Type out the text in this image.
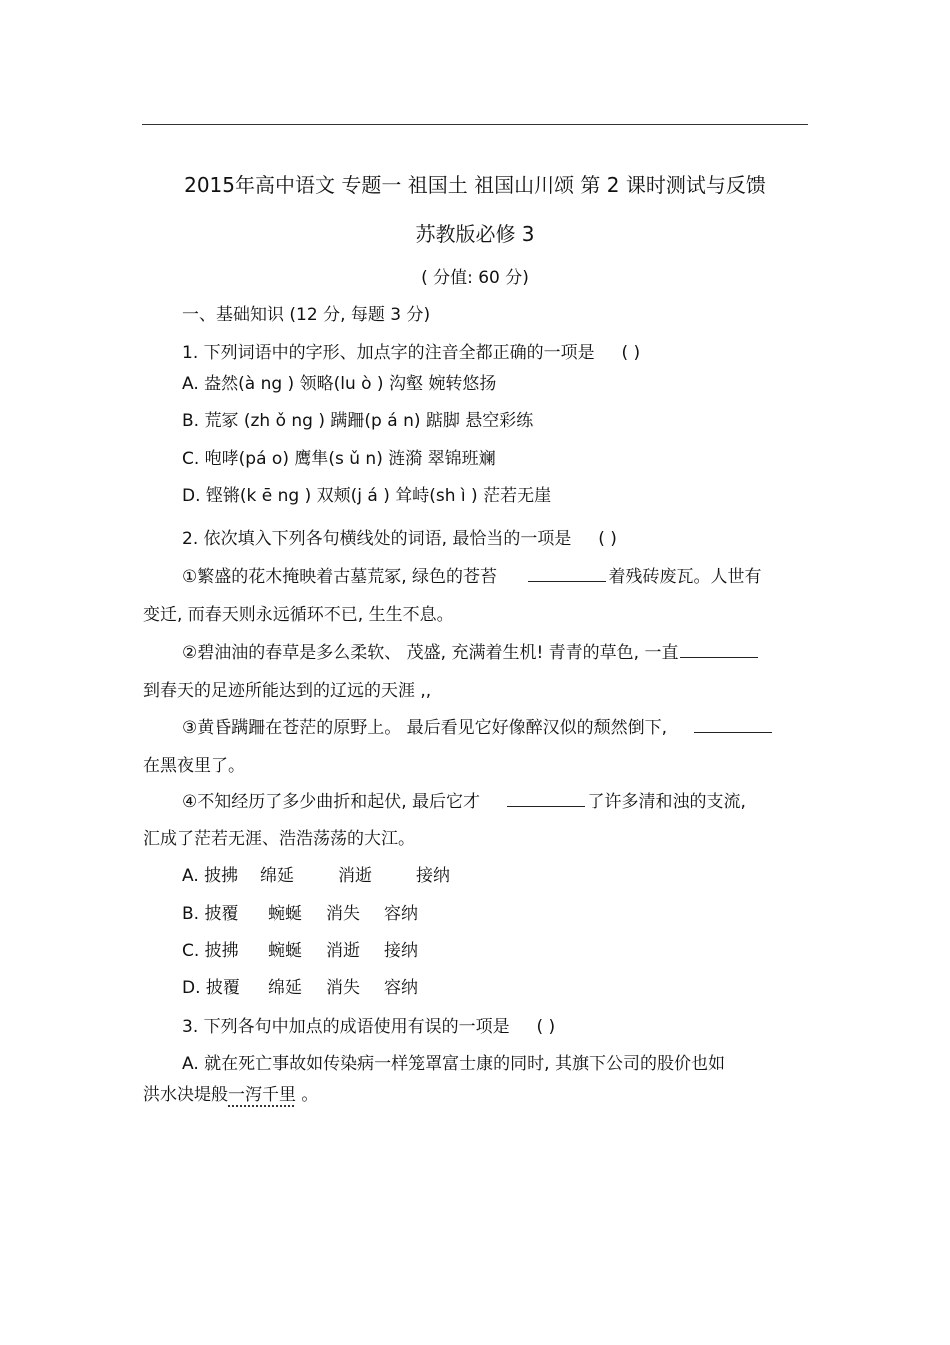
2015年高中语文 专题一 祖国土 祖国山川颂 第 2 课时测试与反馈
苏教版必修 3
( 分值: 60 分)
一、基础知识 (12 分, 每题 3 分)
1. 下列词语中的字形、加点字的注音全都正确的一项是 ( )
A. 盎然(à ng ) 领略(lu ò ) 沟壑 婉转悠扬
B. 荒冢 (zh ǒ ng ) 蹒跚(p á n) 踮脚 悬空彩练
C. 咆哮(pá o) 鹰隼(s ǔ n) 涟漪 翠锦班斓
D. 铿锵(k ē ng ) 双颊(j á ) 耸峙(sh ì ) 茫若无崖
2. 依次填入下列各句横线处的词语, 最恰当的一项是 ( )
①繁盛的花木掩映着古墓荒冢, 绿色的苍苔	着残砖废瓦。人世有
变迁, 而春天则永远循环不已, 生生不息。
②碧油油的春草是多么柔软、 茂盛, 充满着生机! 青青的草色, 一直
到春天的足迹所能达到的辽远的天涯 ,,
③黄昏蹒跚在苍茫的原野上。 最后看见它好像醉汉似的颓然倒下,
在黑夜里了。
④不知经历了多少曲折和起伏, 最后它才	了许多清和浊的支流,
汇成了茫若无涯、浩浩荡荡的大江。
A. 披拂 绵延	消逝	接纳
B. 披覆 蜿蜒 消失 容纳
C. 披拂 蜿蜒 消逝 接纳
D. 披覆 绵延 消失 容纳
3. 下列各句中加点的成语使用有误的一项是 ( )
A. 就在死亡事故如传染病一样笼罩富士康的同时, 其旗下公司的股价也如
洪水决堤般一泻千里 。
